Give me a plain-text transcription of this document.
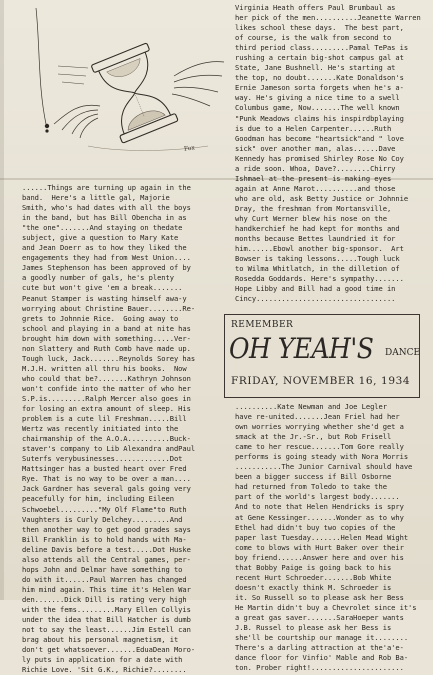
Fox
Virginia Heath offers Paul Brumbaul as
her pick of the men..........Jeanette Warren
likes school these days.  The best part,
of course, is the walk from second to
third period class.........Pamal TePas is
rushing a certain big-shot campus gal at
State, Jane Bushnell. He's starting at
the top, no doubt.......Kate Donaldson's
Ernie Jameson sorta forgets when he's a-
way. He's giving a nice time to a swell
Columbus game, Now.......The well known
"Punk Meadows claims his inspirdbplaying
is due to a Helen Carpenter......Ruth
Goodman has become "heartsick"and " love
sick" over another man, alas......Dave
Kennedy has promised Shirley Rose No Coy
a ride soon. Whoa, Dave?........Chirry
Ishmael at the present is making eyes
again at Anne Marot..........and those
who are old, ask Betty Justice or Johnnie
Dray, the freshman from Mortansville,
why Curt Werner blew his nose on the
handkerchief he had kept for months and
months because Bettes laundried it for
him......Ebowl another big-sponsor.  Art
Bowser is taking lessons.....Tough luck
to Wilma Whitlatch, in the dilletion of
Rosedda Goddards. Here's sympathy.......
Hope Libby and Bill had a good time in
Cincy.................................
......Things are turning up again in the
band.  Here's a little gal, Majorie
Smith, who's had dates with all the boys
in the band, but has Bill Obencha in as
"the one".......And staying on thedate
subject, give a question to Mary Kate
and Jean Doerr as to how they liked the
engagements they had from West Union....
James Stephenson has been approved of by
a goodly number of gals, he's plenty
cute but won't give 'em a break.......
Peanut Stamper is wasting himself awa-y
worrying about Christine Bauer........Re-
grets to Johnnie Rice.  Going away to
school and playing in a band at nite has
brought him down with something.....Ver-
non Slattery and Ruth Comb have made up.
Tough luck, Jack.......Reynolds Sorey has
M.J.H. written all thru his books.  Now
who could that be?.......Kathryn Johnson
won't confide into the matter of who her
S.P.is.........Ralph Mercer also goes in
for losing an extra amount of sleep. His
problem is a cute lil Freshman.....Bill
Wertz was recently initiated into the
chairmanship of the A.O.A..........Buck-
staver's company to Lib Alexandra andPaul
Suterfs verybusinesses.............Dot
Mattsinger has a busted heart over Fred
Rye. That is no way to be over a man....
Jack Gardner has several gals going very
peacefully for him, including Eileen
Schwoebel........."My Olf Flame"to Ruth
Vaughters is Curly Delchey.........And
then another way to get good grades says
Bill Franklin is to hold hands with Ma-
deline Davis before a test.....Dot Huske
also attends all the Central games, per-
hops John and Delmar have something to
do with it......Paul Warren has changed
him mind again. This time it's Helen War
den.......Dick Dill is rating very high
with the fems.........Mary Ellen Collyis
under the idea that Bill Hatcher is dumb
not to say the least......Jim Estell can
brag about his personal magnetism, it
don't get whatsoever.......EduaDean Moro-
ly puts in application for a date with
Richie Love. 'Sit G.K., Richie?........
REMEMBER
OH YEAH'S DANCE
FRIDAY, NOVEMBER 16, 1934
..........Kate Newman and Joe Legler
have re-united.......Jean Friel had her
own worries worrying whether she'd get a
smack at the Jr.-Sr., but Rob Frisell
came to her rescue.......Tom Gore really
performs is going steady with Nora Morris
...........The Junior Carnival should have
been a bigger success if Bill Osborne
had returned from Toledo to take the
part of the world's largest body.......
And to note that Helen Hendricks is spry
at Gene Kessinger.......Wonder as to why
Ethel had didn't buy two copies of the
paper last Tuesday.......Helen Mead Wight
come to blows with Hurt Baker over their
boy friend......Answer here and over his
that Bobby Paige is going back to his
recent Hurt Schroeder.......Bob White
doesn't exactly think M. Schroeder is
it. So Russell so to please ask her Bess
He Martin didn't buy a Chevrolet since it's
a great gas saver.......SaraHoeper wants
J.B. Russel to please ask her Bess is
she'll be courtship our manage it........
There's a darling attraction at the'a'e-
dance floor for Vinfio' Mable and Rob Ba-
ton. Prober right!......................
